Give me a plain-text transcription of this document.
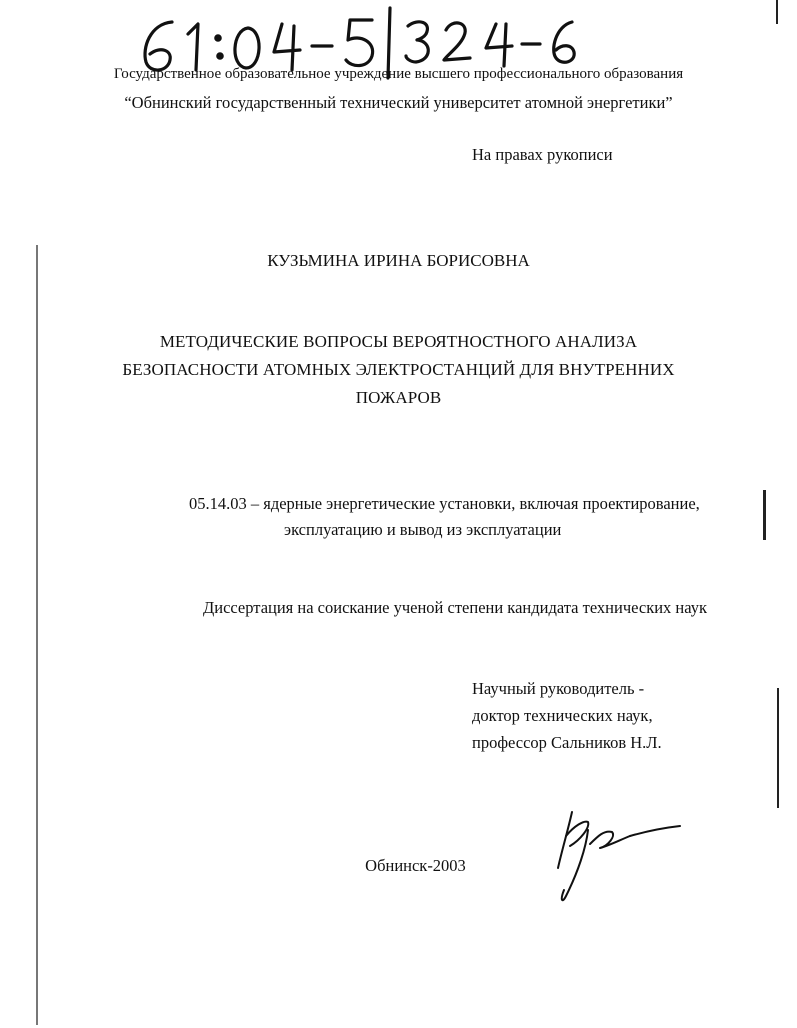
Государственное образовательное учреждение высшего профессионального образования
“Обнинский государственный технический университет атомной энергетики”
На правах рукописи
КУЗЬМИНА ИРИНА БОРИСОВНА
МЕТОДИЧЕСКИЕ ВОПРОСЫ ВЕРОЯТНОСТНОГО АНАЛИЗА
БЕЗОПАСНОСТИ АТОМНЫХ ЭЛЕКТРОСТАНЦИЙ ДЛЯ ВНУТРЕННИХ
ПОЖАРОВ
05.14.03 – ядерные энергетические установки, включая проектирование,
эксплуатацию и вывод из эксплуатации
Диссертация на соискание ученой степени кандидата технических наук
Научный руководитель -
доктор технических наук,
профессор Сальников Н.Л.
Обнинск-2003
